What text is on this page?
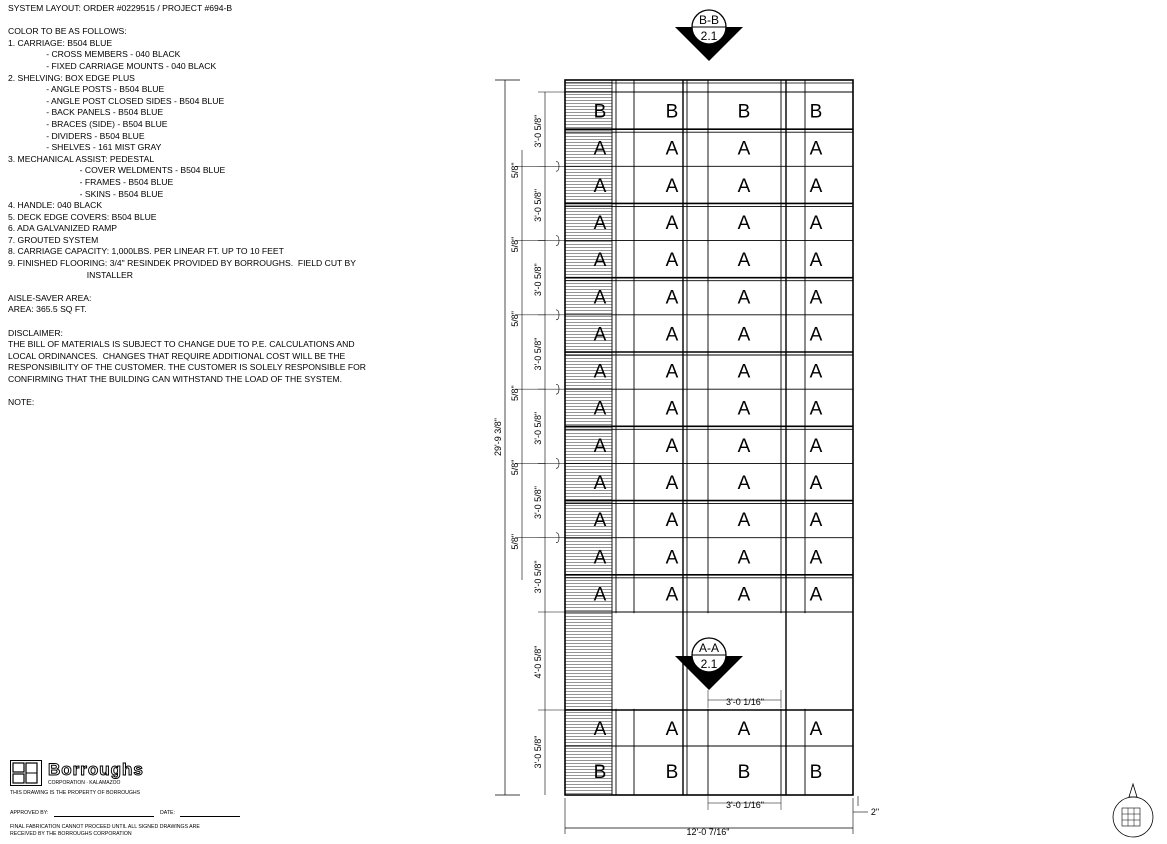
SYSTEM LAYOUT: ORDER #0229515 / PROJECT #694-B
COLOR TO BE AS FOLLOWS:
1. CARRIAGE: B504 BLUE
- CROSS MEMBERS - 040 BLACK
- FIXED CARRIAGE MOUNTS - 040 BLACK
2. SHELVING: BOX EDGE PLUS
- ANGLE POSTS - B504 BLUE
- ANGLE POST CLOSED SIDES - B504 BLUE
- BACK PANELS - B504 BLUE
- BRACES (SIDE) - B504 BLUE
- DIVIDERS - B504 BLUE
- SHELVES - 161 MIST GRAY
3. MECHANICAL ASSIST: PEDESTAL
- COVER WELDMENTS - B504 BLUE
- FRAMES - B504 BLUE
- SKINS - B504 BLUE
4. HANDLE: 040 BLACK
5. DECK EDGE COVERS: B504 BLUE
6. ADA GALVANIZED RAMP
7. GROUTED SYSTEM
8. CARRIAGE CAPACITY: 1,000LBS. PER LINEAR FT. UP TO 10 FEET
9. FINISHED FLOORING: 3/4" RESINDEK PROVIDED BY BORROUGHS.  FIELD CUT BY
INSTALLER
AISLE-SAVER AREA:
AREA: 365.5 SQ FT.
DISCLAIMER:
THE BILL OF MATERIALS IS SUBJECT TO CHANGE DUE TO P.E. CALCULATIONS AND
LOCAL ORDINANCES.  CHANGES THAT REQUIRE ADDITIONAL COST WILL BE THE
RESPONSIBILITY OF THE CUSTOMER. THE CUSTOMER IS SOLELY RESPONSIBLE FOR
CONFIRMING THAT THE BUILDING CAN WITHSTAND THE LOAD OF THE SYSTEM.
NOTE:
B	B	B	B
A	A	A	A
A	A	A	A
A	A	A	A
A	A	A	A
A	A	A	A
A	A	A	A
A	A	A	A
A	A	A	A
A	A	A	A
A	A	A	A
A	A	A	A
A	A	A	A
A	A	A	A
A	A	A	A
B	B	B	B
29'-9 3/8"
3'-0 5/8"
3'-0 5/8"
5/8"
3'-0 5/8"
5/8"
3'-0 5/8"
5/8"
3'-0 5/8"
5/8"
3'-0 5/8"
5/8"
3'-0 5/8"
5/8"
4'-0 5/8"
3'-0 5/8"
3'-0 1/16"
3'-0 1/16"
12'-0 7/16"
2"
B-B
2.1
A-A
2.1
Borroughs
CORPORATION · KALAMAZOO
THIS DRAWING IS THE PROPERTY OF BORROUGHS
APPROVED BY:	DATE:
FINAL FABRICATION CANNOT PROCEED UNTIL ALL SIGNED DRAWINGS ARE
RECEIVED BY THE BORROUGHS CORPORATION
